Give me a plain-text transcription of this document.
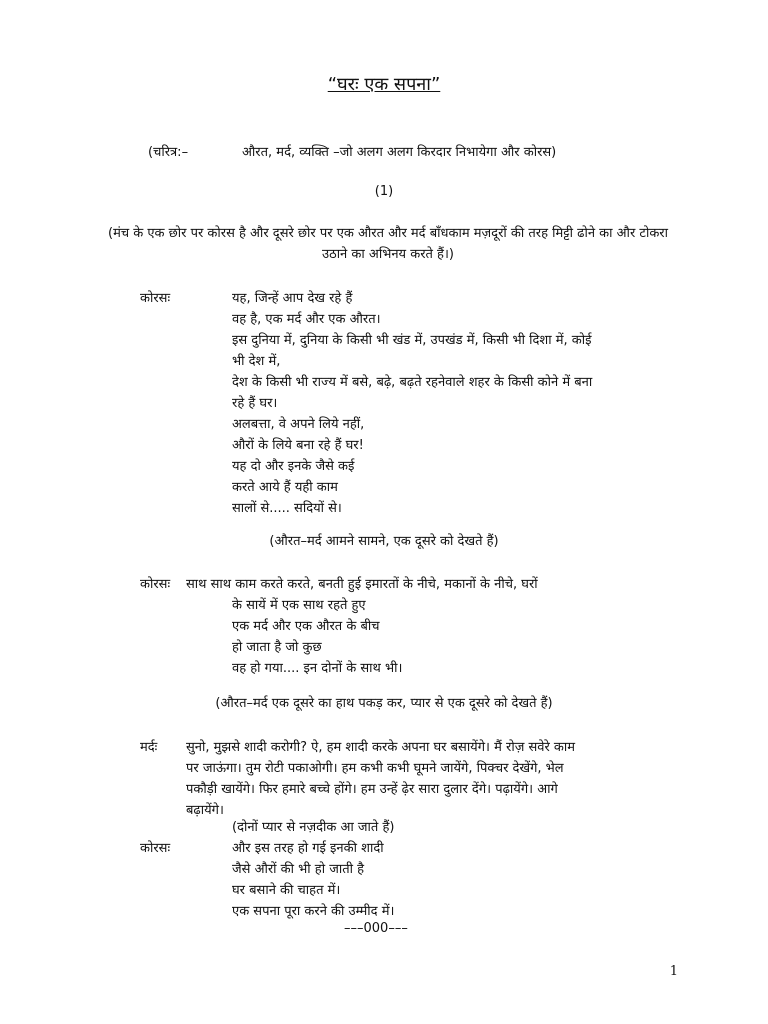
“घरः एक सपना”
(चरित्र:–	औरत, मर्द, व्यक्ति –जो अलग अलग किरदार निभायेगा और कोरस)
(1)
(मंच के एक छोर पर कोरस है और दूसरे छोर पर एक औरत और मर्द बाँधकाम मज़दूरों की तरह मिट्टी ढोने का और टोकरा उठाने का अभिनय करते हैं।)
कोरसः	यह, जिन्हें आप देख रहे हैं
वह है, एक मर्द और एक औरत।
इस दुनिया में, दुनिया के किसी भी खंड में, उपखंड में, किसी भी दिशा में, कोई
भी देश में,
देश के किसी भी राज्य में बसे, बढ़े, बढ़ते रहनेवाले शहर के किसी कोने में बना
रहे हैं घर।
अलबत्ता, वे अपने लिये नहीं,
औरों के लिये बना रहे हैं घर!
यह दो और इनके जैसे कई
करते आये हैं यही काम
सालों से..... सदियों से।
(औरत–मर्द आमने सामने, एक दूसरे को देखते हैं)
कोरसः साथ साथ काम करते करते, बनती हुई इमारतों के नीचे, मकानों के नीचे, घरों
के सायें में एक साथ रहते हुए
एक मर्द और एक औरत के बीच
हो जाता है जो कुछ
वह हो गया.... इन दोनों के साथ भी।
(औरत–मर्द एक दूसरे का हाथ पकड़ कर, प्यार से एक दूसरे को देखते हैं)
मर्दः सुनो, मुझसे शादी करोगी? ऐ, हम शादी करके अपना घर बसायेंगे। मैं रोज़ सवेरे काम
पर जाऊंगा। तुम रोटी पकाओगी। हम कभी कभी घूमने जायेंगे, पिक्चर देखेंगे, भेल
पकौड़ी खायेंगे। फिर हमारे बच्चे होंगे। हम उन्हें ढ़ेर सारा दुलार देंगे। पढ़ायेंगे। आगे
बढ़ायेंगे।
(दोनों प्यार से नज़दीक आ जाते हैं)
कोरसः	और इस तरह हो गई इनकी शादी
जैसे औरों की भी हो जाती है
घर बसाने की चाहत में।
एक सपना पूरा करने की उम्मीद में।
–––000–––
1
